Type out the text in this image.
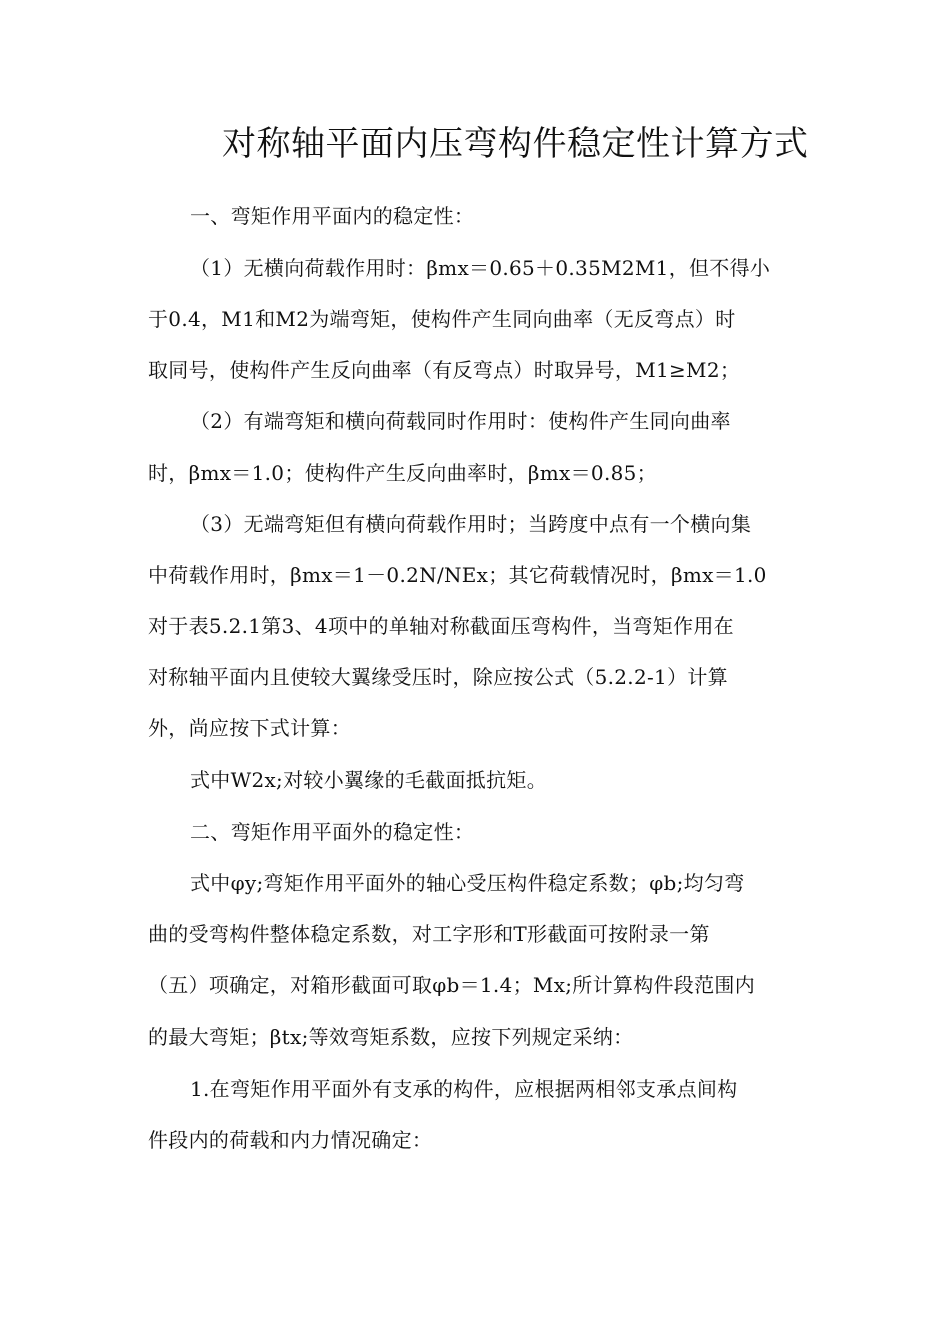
对称轴平面内压弯构件稳定性计算方式
一、弯矩作用平面内的稳定性：
（1）无横向荷载作用时：βmx＝0.65＋0.35M2M1，但不得小
于0.4，M1和M2为端弯矩，使构件产生同向曲率（无反弯点）时
取同号，使构件产生反向曲率（有反弯点）时取异号，M1≥M2；
（2）有端弯矩和横向荷载同时作用时：使构件产生同向曲率
时，βmx＝1.0；使构件产生反向曲率时，βmx＝0.85；
（3）无端弯矩但有横向荷载作用时；当跨度中点有一个横向集
中荷载作用时，βmx＝1－0.2N/NEx；其它荷载情况时，βmx＝1.0
对于表5.2.1第3、4项中的单轴对称截面压弯构件，当弯矩作用在
对称轴平面内且使较大翼缘受压时，除应按公式（5.2.2-1）计算
外，尚应按下式计算：
式中W2x;对较小翼缘的毛截面抵抗矩。
二、弯矩作用平面外的稳定性：
式中φy;弯矩作用平面外的轴心受压构件稳定系数；φb;均匀弯
曲的受弯构件整体稳定系数，对工字形和T形截面可按附录一第
（五）项确定，对箱形截面可取φb＝1.4；Mx;所计算构件段范围内
的最大弯矩；βtx;等效弯矩系数，应按下列规定采纳：
1.在弯矩作用平面外有支承的构件，应根据两相邻支承点间构
件段内的荷载和内力情况确定：
